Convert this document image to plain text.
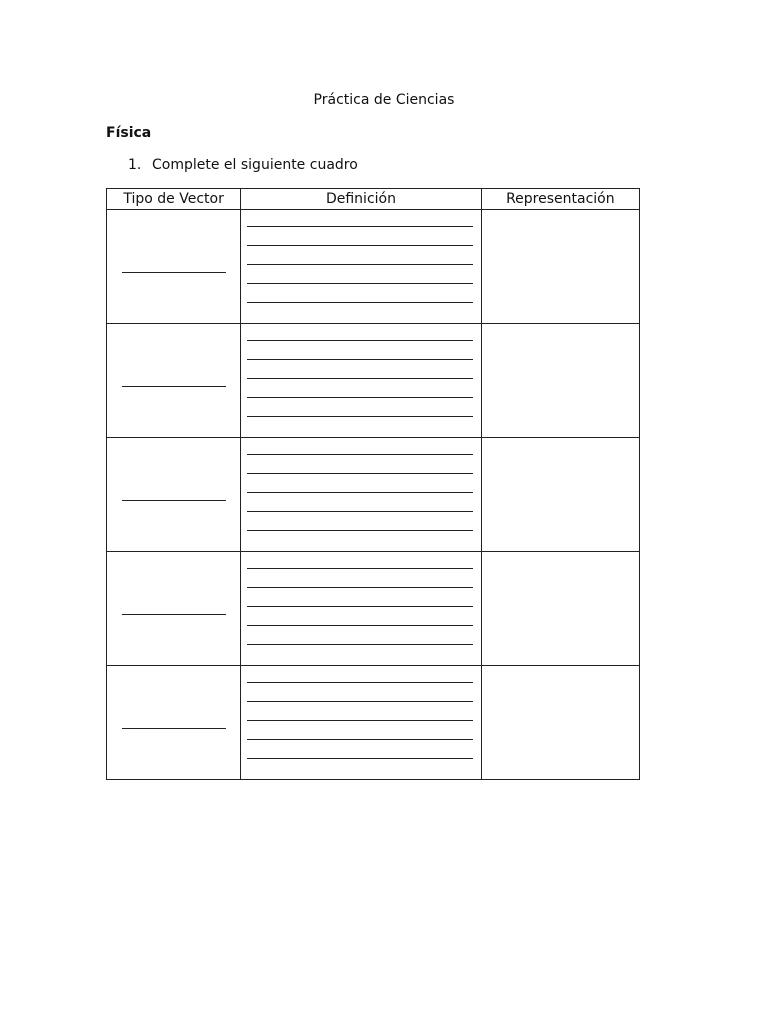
Práctica de Ciencias
Física
1. Complete el siguiente cuadro
Tipo de Vector	Definición	Representación
